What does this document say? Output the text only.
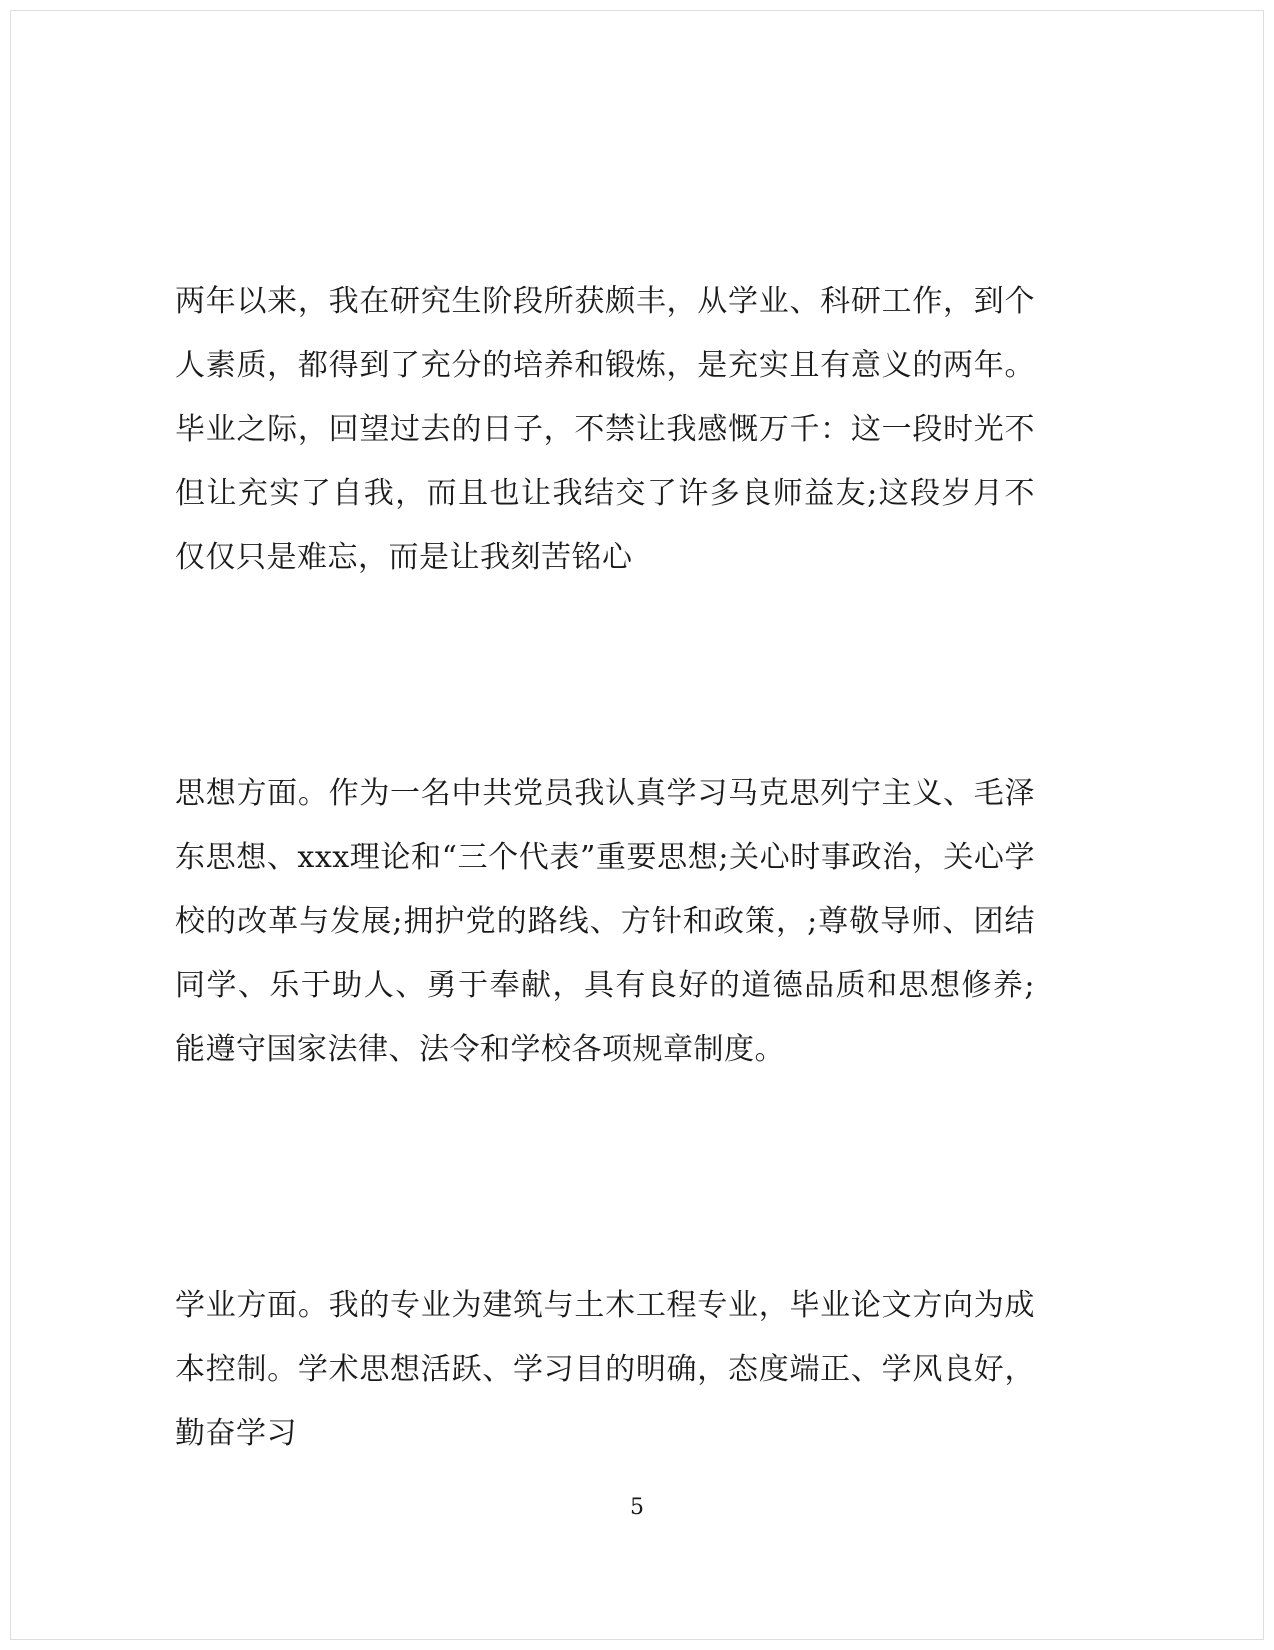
两年以来，我在研究生阶段所获颇丰，从学业、科研工作，到个人素质，都得到了充分的培养和锻炼，是充实且有意义的两年。毕业之际，回望过去的日子，不禁让我感慨万千：这一段时光不但让充实了自我，而且也让我结交了许多良师益友;这段岁月不仅仅只是难忘，而是让我刻苦铭心

思想方面。作为一名中共党员我认真学习马克思列宁主义、毛泽东思想、xxx理论和“三个代表”重要思想;关心时事政治，关心学校的改革与发展;拥护党的路线、方针和政策，;尊敬导师、团结同学、乐于助人、勇于奉献，具有良好的道德品质和思想修养;能遵守国家法律、法令和学校各项规章制度。

学业方面。我的专业为建筑与土木工程专业，毕业论文方向为成本控制。学术思想活跃、学习目的明确，态度端正、学风良好，勤奋学习

5
